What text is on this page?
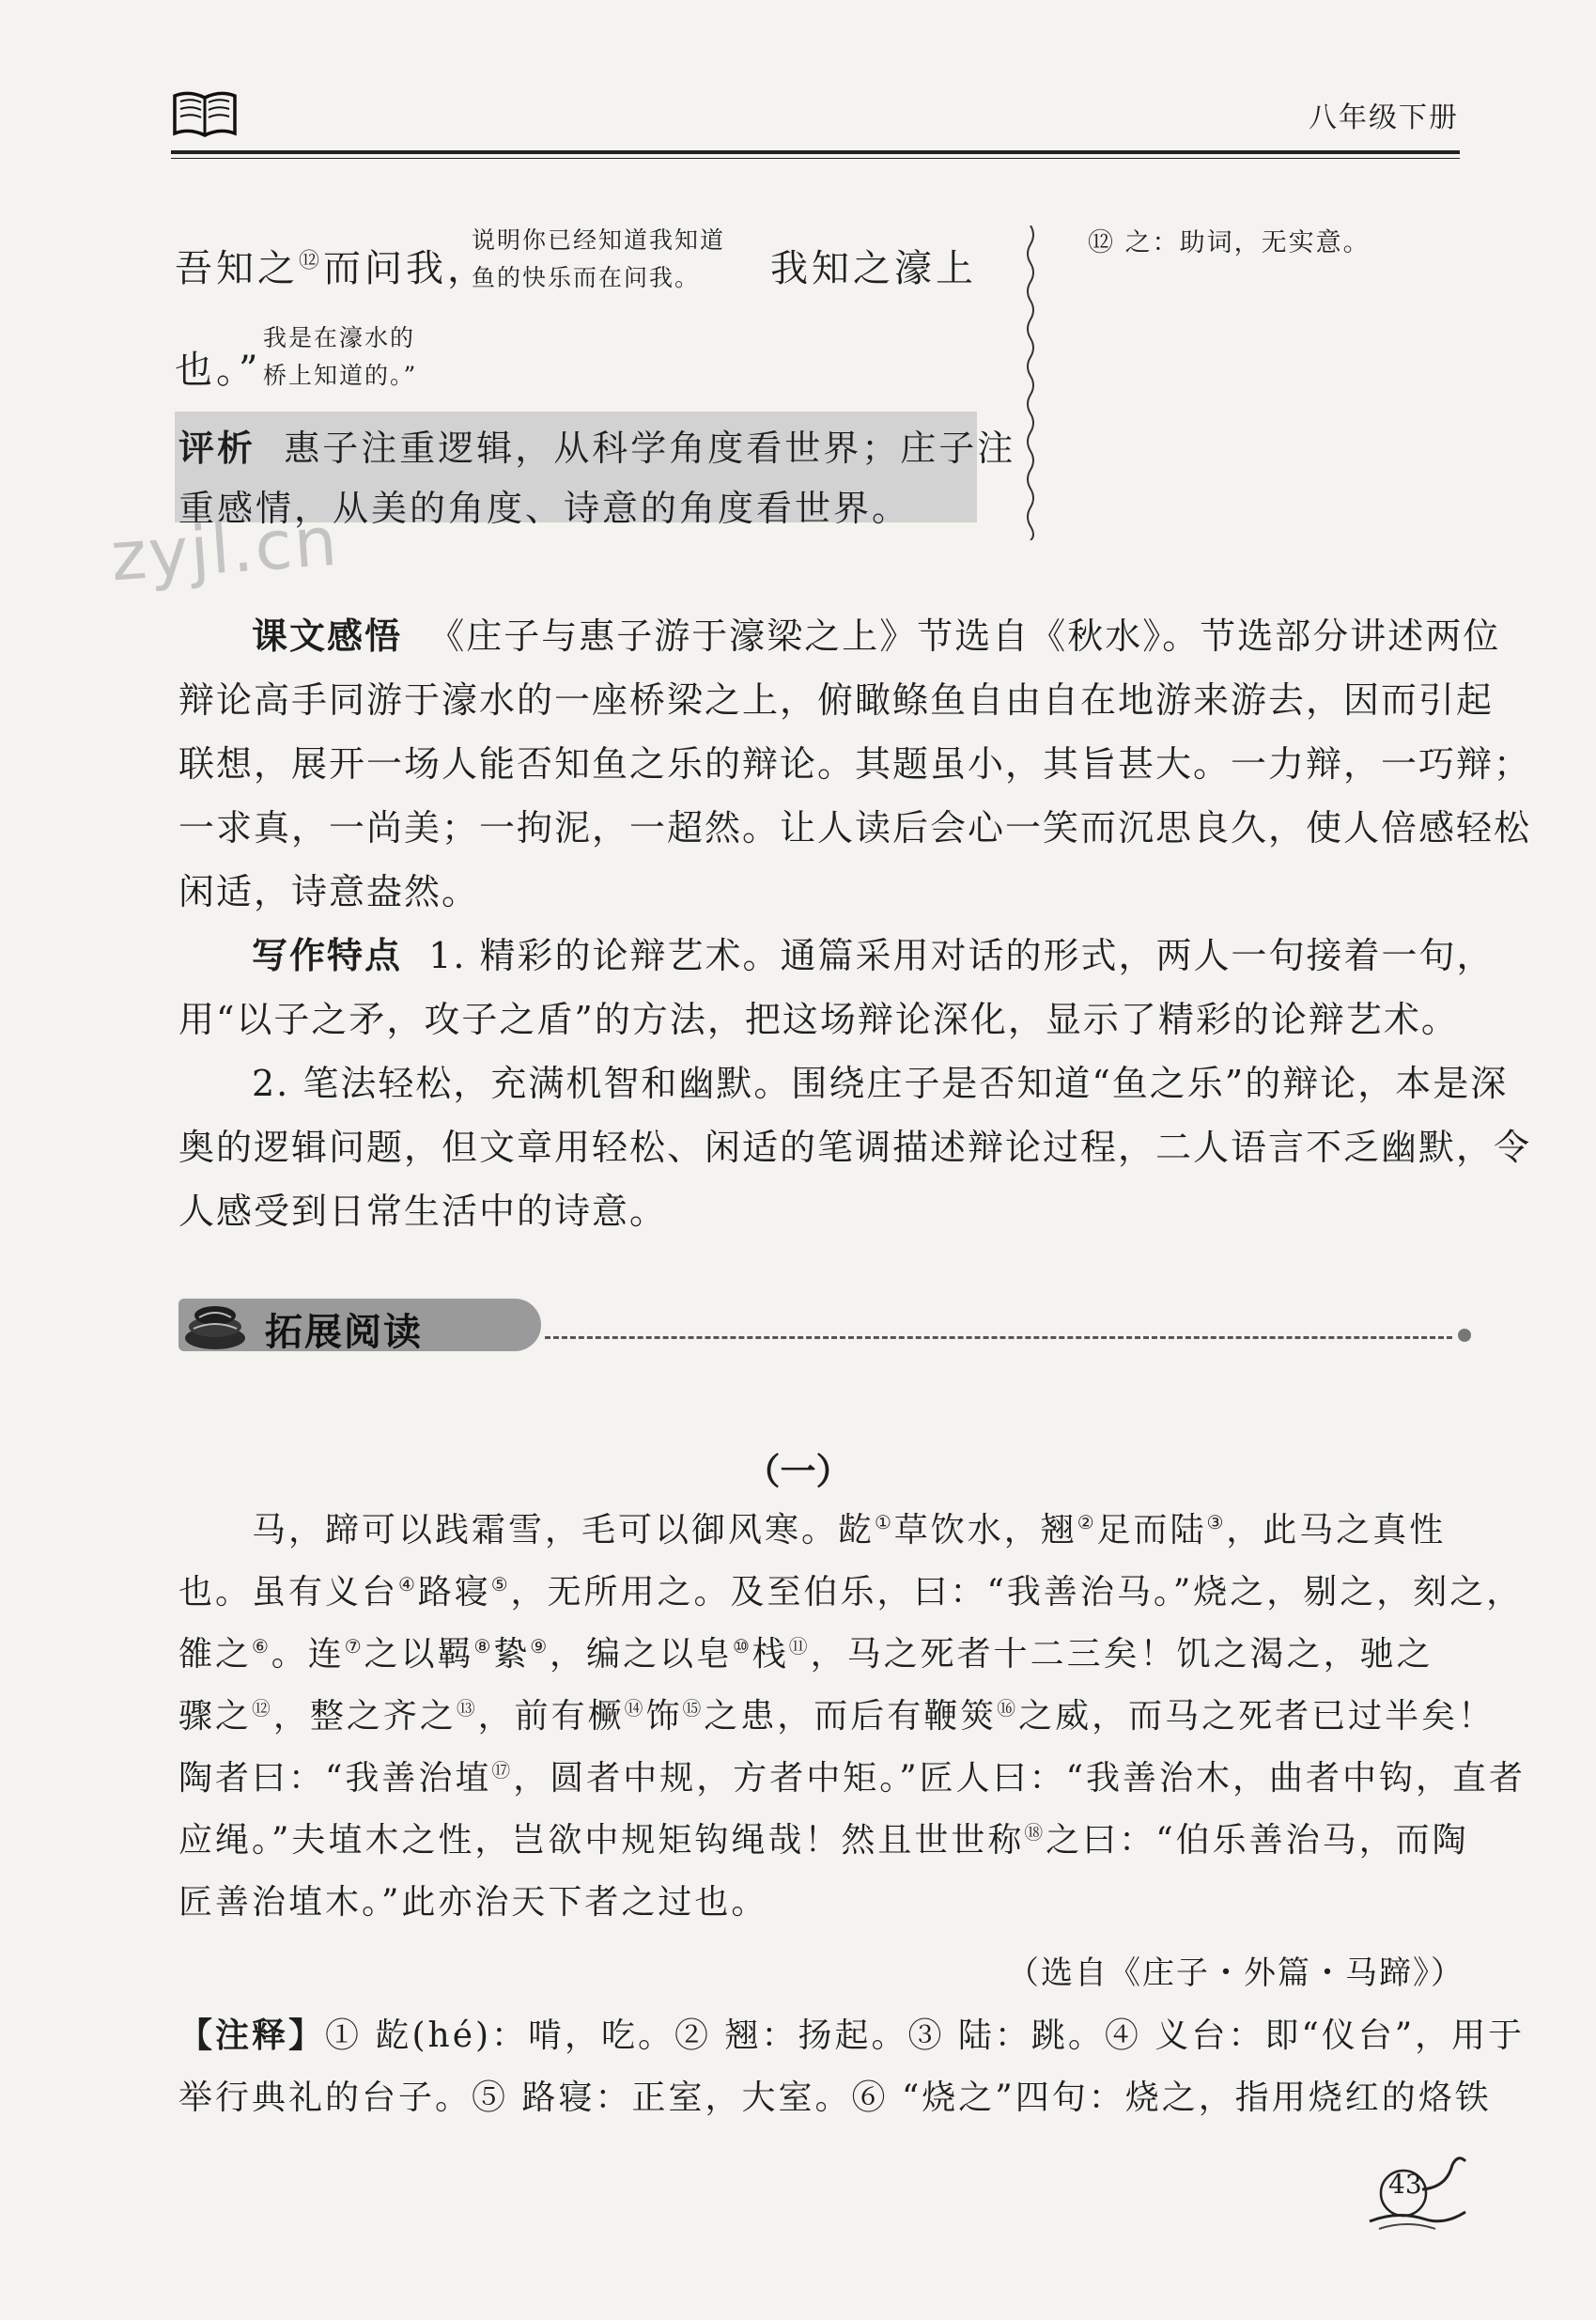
八年级下册
吾知之⑫而问我，
说明你已经知道我知道
鱼的快乐而在问我。	我知之濠上
也。”
我是在濠水的
桥上知道的。”
评析 惠子注重逻辑，从科学角度看世界；庄子注
重感情，从美的角度、诗意的角度看世界。
⑫ 之：助词，无实意。
zyjl.cn
课文感悟 《庄子与惠子游于濠梁之上》节选自《秋水》。节选部分讲述两位
辩论高手同游于濠水的一座桥梁之上，俯瞰鲦鱼自由自在地游来游去，因而引起
联想，展开一场人能否知鱼之乐的辩论。其题虽小，其旨甚大。一力辩，一巧辩；
一求真，一尚美；一拘泥，一超然。让人读后会心一笑而沉思良久，使人倍感轻松
闲适，诗意盎然。
写作特点 1. 精彩的论辩艺术。通篇采用对话的形式，两人一句接着一句，
用“以子之矛，攻子之盾”的方法，把这场辩论深化，显示了精彩的论辩艺术。
2. 笔法轻松，充满机智和幽默。围绕庄子是否知道“鱼之乐”的辩论，本是深
奥的逻辑问题，但文章用轻松、闲适的笔调描述辩论过程，二人语言不乏幽默，令
人感受到日常生活中的诗意。
拓展阅读
（一）
马，蹄可以践霜雪，毛可以御风寒。龁①草饮水，翘②足而陆③，此马之真性
也。虽有义台④路寝⑤，无所用之。及至伯乐，曰：“我善治马。”烧之，剔之，刻之，
雒之⑥。连⑦之以羁⑧絷⑨，编之以皂⑩栈⑪，马之死者十二三矣！饥之渴之，驰之
骤之⑫，整之齐之⑬，前有橛⑭饰⑮之患，而后有鞭筴⑯之威，而马之死者已过半矣！
陶者曰：“我善治埴⑰，圆者中规，方者中矩。”匠人曰：“我善治木，曲者中钩，直者
应绳。”夫埴木之性，岂欲中规矩钩绳哉！然且世世称⑱之曰：“伯乐善治马，而陶
匠善治埴木。”此亦治天下者之过也。
（选自《庄子・外篇・马蹄》）
【注释】① 龁(hé)：啃，吃。② 翘：扬起。③ 陆：跳。④ 义台：即“仪台”，用于
举行典礼的台子。⑤ 路寝：正室，大室。⑥ “烧之”四句：烧之，指用烧红的烙铁
43
